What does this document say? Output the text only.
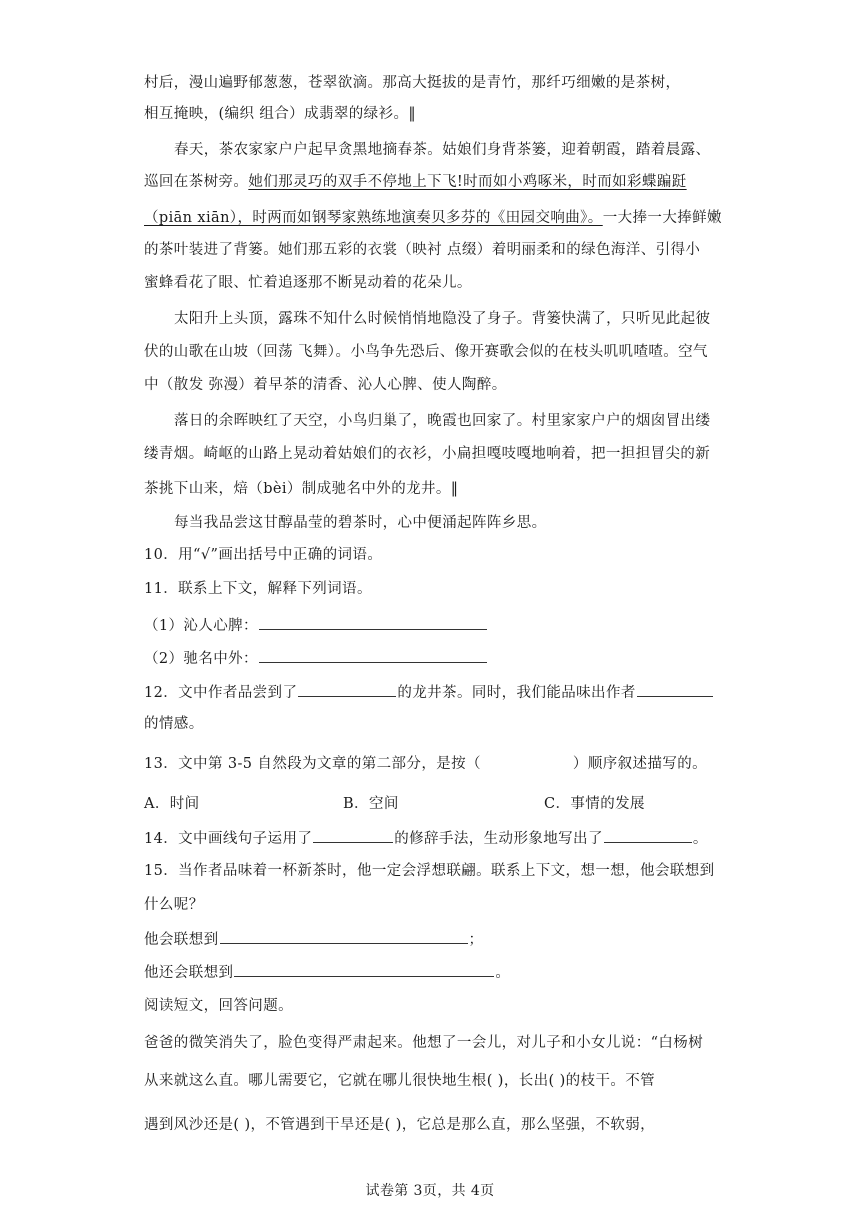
村后，漫山遍野郁葱葱，苍翠欲滴。那高大挺拔的是青竹，那纤巧细嫩的是茶树，
相互掩映，(编织 组合）成翡翠的绿衫。‖
春天，茶农家家户户起早贪黑地摘春茶。姑娘们身背茶篓，迎着朝霞，踏着晨露、
巡回在茶树旁。她们那灵巧的双手不停地上下飞!时而如小鸡啄米，时而如彩蝶蹁跹
（piān xiān），时两而如钢琴家熟练地演奏贝多芬的《田园交响曲》。一大捧一大捧鲜嫩
的茶叶装进了背篓。她们那五彩的衣裳（映衬 点缀）着明丽柔和的绿色海洋、引得小
蜜蜂看花了眼、忙着追逐那不断晃动着的花朵儿。
太阳升上头顶，露珠不知什么时候悄悄地隐没了身子。背篓快满了，只听见此起彼
伏的山歌在山坡（回荡 飞舞）。小鸟争先恐后、像开赛歌会似的在枝头叽叽喳喳。空气
中（散发 弥漫）着早茶的清香、沁人心脾、使人陶醉。
落日的余晖映红了天空，小鸟归巢了，晚霞也回家了。村里家家户户的烟囱冒出缕
缕青烟。崎岖的山路上晃动着姑娘们的衣衫，小扁担嘎吱嘎地响着，把一担担冒尖的新
茶挑下山来，焙（bèi）制成驰名中外的龙井。‖
每当我品尝这甘醇晶莹的碧茶时，心中便涌起阵阵乡思。
10．用“√”画出括号中正确的词语。
11．联系上下文，解释下列词语。
（1）沁人心脾：
（2）驰名中外：
12．文中作者品尝到了	的龙井茶。同时，我们能品味出作者
的情感。
13．文中第 3-5 自然段为文章的第二部分，是按（	）顺序叙述描写的。
A．时间	B．空间	C．事情的发展
14．文中画线句子运用了	的修辞手法，生动形象地写出了	。
15．当作者品味着一杯新茶时，他一定会浮想联翩。联系上下文，想一想，他会联想到
什么呢？
他会联想到	；
他还会联想到	。
阅读短文，回答问题。
爸爸的微笑消失了，脸色变得严肃起来。他想了一会儿，对儿子和小女儿说：“白杨树
从来就这么直。哪儿需要它，它就在哪儿很快地生根( )，长出( )的枝干。不管
遇到风沙还是( )，不管遇到干旱还是( )，它总是那么直，那么坚强，不软弱，
试卷第 3页，共 4页
